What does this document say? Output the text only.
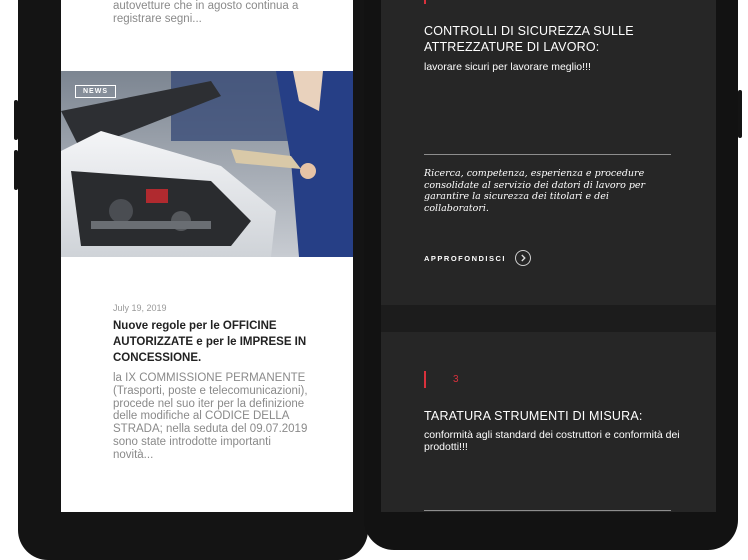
autovetture che in agosto continua a registrare segni...
NEWS
July 19, 2019
Nuove regole per le OFFICINE AUTORIZZATE e per le IMPRESE IN CONCESSIONE.
la IX COMMISSIONE PERMANENTE (Trasporti, poste e telecomunicazioni), procede nel suo iter per la definizione delle modifiche al CODICE DELLA STRADA; nella seduta del 09.07.2019 sono state introdotte importanti novità...
CONTROLLI DI SICUREZZA SULLE ATTREZZATURE DI LAVORO:
lavorare sicuri per lavorare meglio!!!
Ricerca, competenza, esperienza e procedure consolidate al servizio dei datori di lavoro per garantire la sicurezza dei titolari e dei collaboratori.
APPROFONDISCI
TARATURA STRUMENTI DI MISURA:
conformità agli standard dei costruttori e conformità dei prodotti!!!
3
